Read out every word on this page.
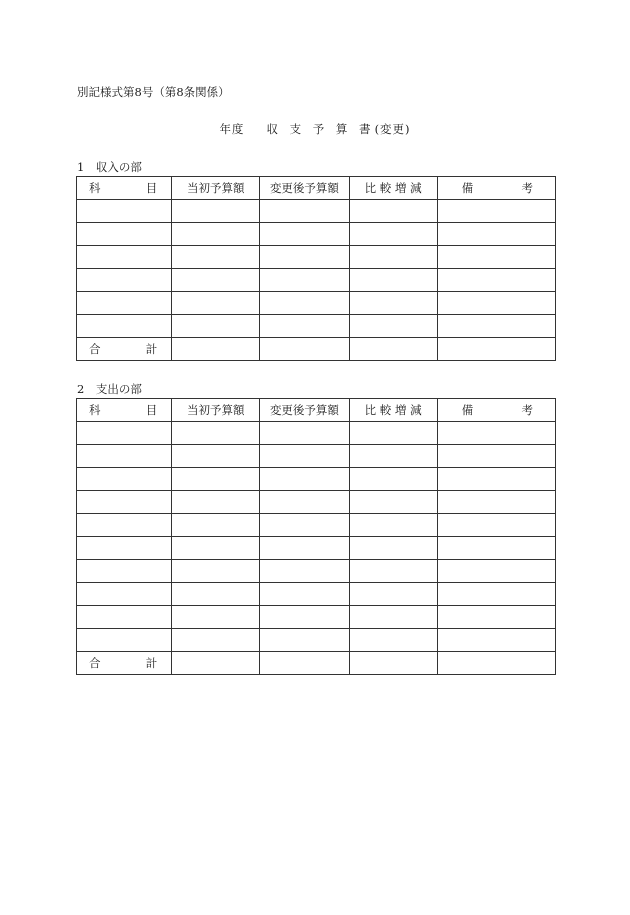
別記様式第8号（第8条関係）
年度 収 支 予 算 書(変更)
1　収入の部
科 目	当初予算額	変更後予算額	比 較 増 減	備 考

合 計				

2　支出の部
科 目	当初予算額	変更後予算額	比 較 増 減	備 考

合 計				
